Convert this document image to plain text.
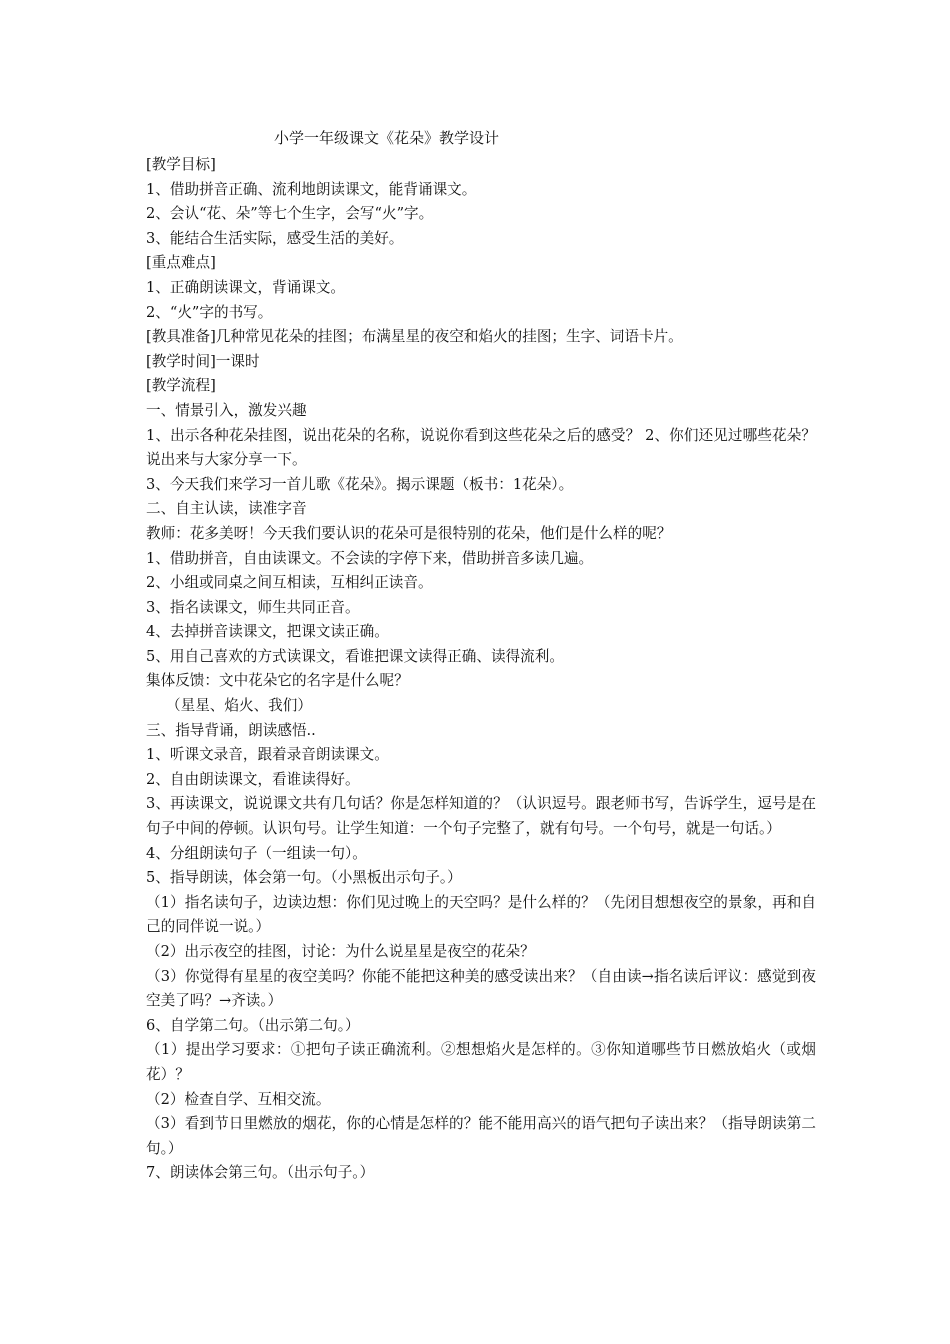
小学一年级课文《花朵》教学设计
[教学目标]
1、借助拼音正确、流利地朗读课文，能背诵课文。
2、会认“花、朵”等七个生字，会写“火”字。
3、能结合生活实际，感受生活的美好。
[重点难点]
1、正确朗读课文，背诵课文。
2、“火”字的书写。
[教具准备]几种常见花朵的挂图；布满星星的夜空和焰火的挂图；生字、词语卡片。
[教学时间]一课时
[教学流程]
一、情景引入，激发兴趣
1、出示各种花朵挂图，说出花朵的名称，说说你看到这些花朵之后的感受？ 2、你们还见过哪些花朵？说出来与大家分享一下。
3、今天我们来学习一首儿歌《花朵》。揭示课题（板书：1花朵）。
二、自主认读，读准字音
教师：花多美呀！今天我们要认识的花朵可是很特别的花朵，他们是什么样的呢？
1、借助拼音，自由读课文。不会读的字停下来，借助拼音多读几遍。
2、小组或同桌之间互相读，互相纠正读音。
3、指名读课文，师生共同正音。
4、去掉拼音读课文，把课文读正确。
5、用自己喜欢的方式读课文，看谁把课文读得正确、读得流利。
集体反馈：文中花朵它的名字是什么呢？
（星星、焰火、我们）
三、指导背诵，朗读感悟..
1、听课文录音，跟着录音朗读课文。
2、自由朗读课文，看谁读得好。
3、再读课文，说说课文共有几句话？你是怎样知道的？（认识逗号。跟老师书写，告诉学生，逗号是在句子中间的停顿。认识句号。让学生知道：一个句子完整了，就有句号。一个句号，就是一句话。）
4、分组朗读句子（一组读一句）。
5、指导朗读，体会第一句。（小黑板出示句子。）
（1）指名读句子，边读边想：你们见过晚上的天空吗？是什么样的？（先闭目想想夜空的景象，再和自己的同伴说一说。）
（2）出示夜空的挂图，讨论：为什么说星星是夜空的花朵？
（3）你觉得有星星的夜空美吗？你能不能把这种美的感受读出来？（自由读→指名读后评议：感觉到夜空美了吗？→齐读。）
6、自学第二句。（出示第二句。）
（1）提出学习要求：①把句子读正确流利。②想想焰火是怎样的。③你知道哪些节日燃放焰火（或烟花）？
（2）检查自学、互相交流。
（3）看到节日里燃放的烟花，你的心情是怎样的？能不能用高兴的语气把句子读出来？（指导朗读第二句。）
7、朗读体会第三句。（出示句子。）
